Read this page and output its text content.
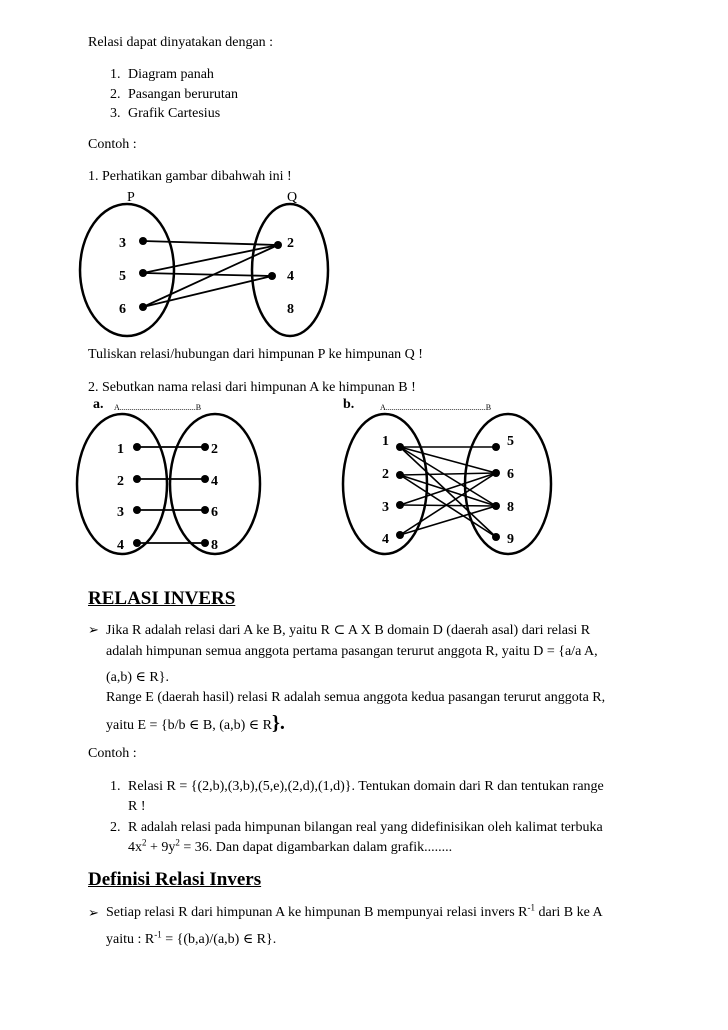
Relasi dapat dinyatakan dengan :
1. Diagram panah
2. Pasangan berurutan
3. Grafik Cartesius
Contoh :
1. Perhatikan gambar dibahwah ini !
P	Q
3
5
6
2
4
8
Tuliskan relasi/hubungan dari himpunan P ke himpunan Q !
2. Sebutkan nama relasi dari himpunan A ke himpunan B !
a. A......................................B	b.	A..................................................B
1
2
3
4
2
4
6
8
1
2
3
4
5
6
8
9
RELASI INVERS
➢ Jika R adalah relasi dari A ke B, yaitu R ⊂ A X B domain D (daerah asal) dari relasi R
adalah himpunan semua anggota pertama pasangan terurut anggota R, yaitu D = {a/a A,
(a,b) ∈ R}.
Range E (daerah hasil) relasi R adalah semua anggota kedua pasangan terurut anggota R,
yaitu E = {b/b ∈ B, (a,b) ∈ R}.
Contoh :
1. Relasi R = {(2,b),(3,b),(5,e),(2,d),(1,d)}. Tentukan domain dari R dan tentukan range
R !
2. R adalah relasi pada himpunan bilangan real yang didefinisikan oleh kalimat terbuka
$4x^2 + 9y^2 = 36$. Dan dapat digambarkan dalam grafik........
Definisi Relasi Invers
➢ Setiap relasi R dari himpunan A ke himpunan B mempunyai relasi invers $R^{-1}$ dari B ke A
yaitu : $R^{-1} = \{(b,a)/(a,b)$ ∈ R}.
